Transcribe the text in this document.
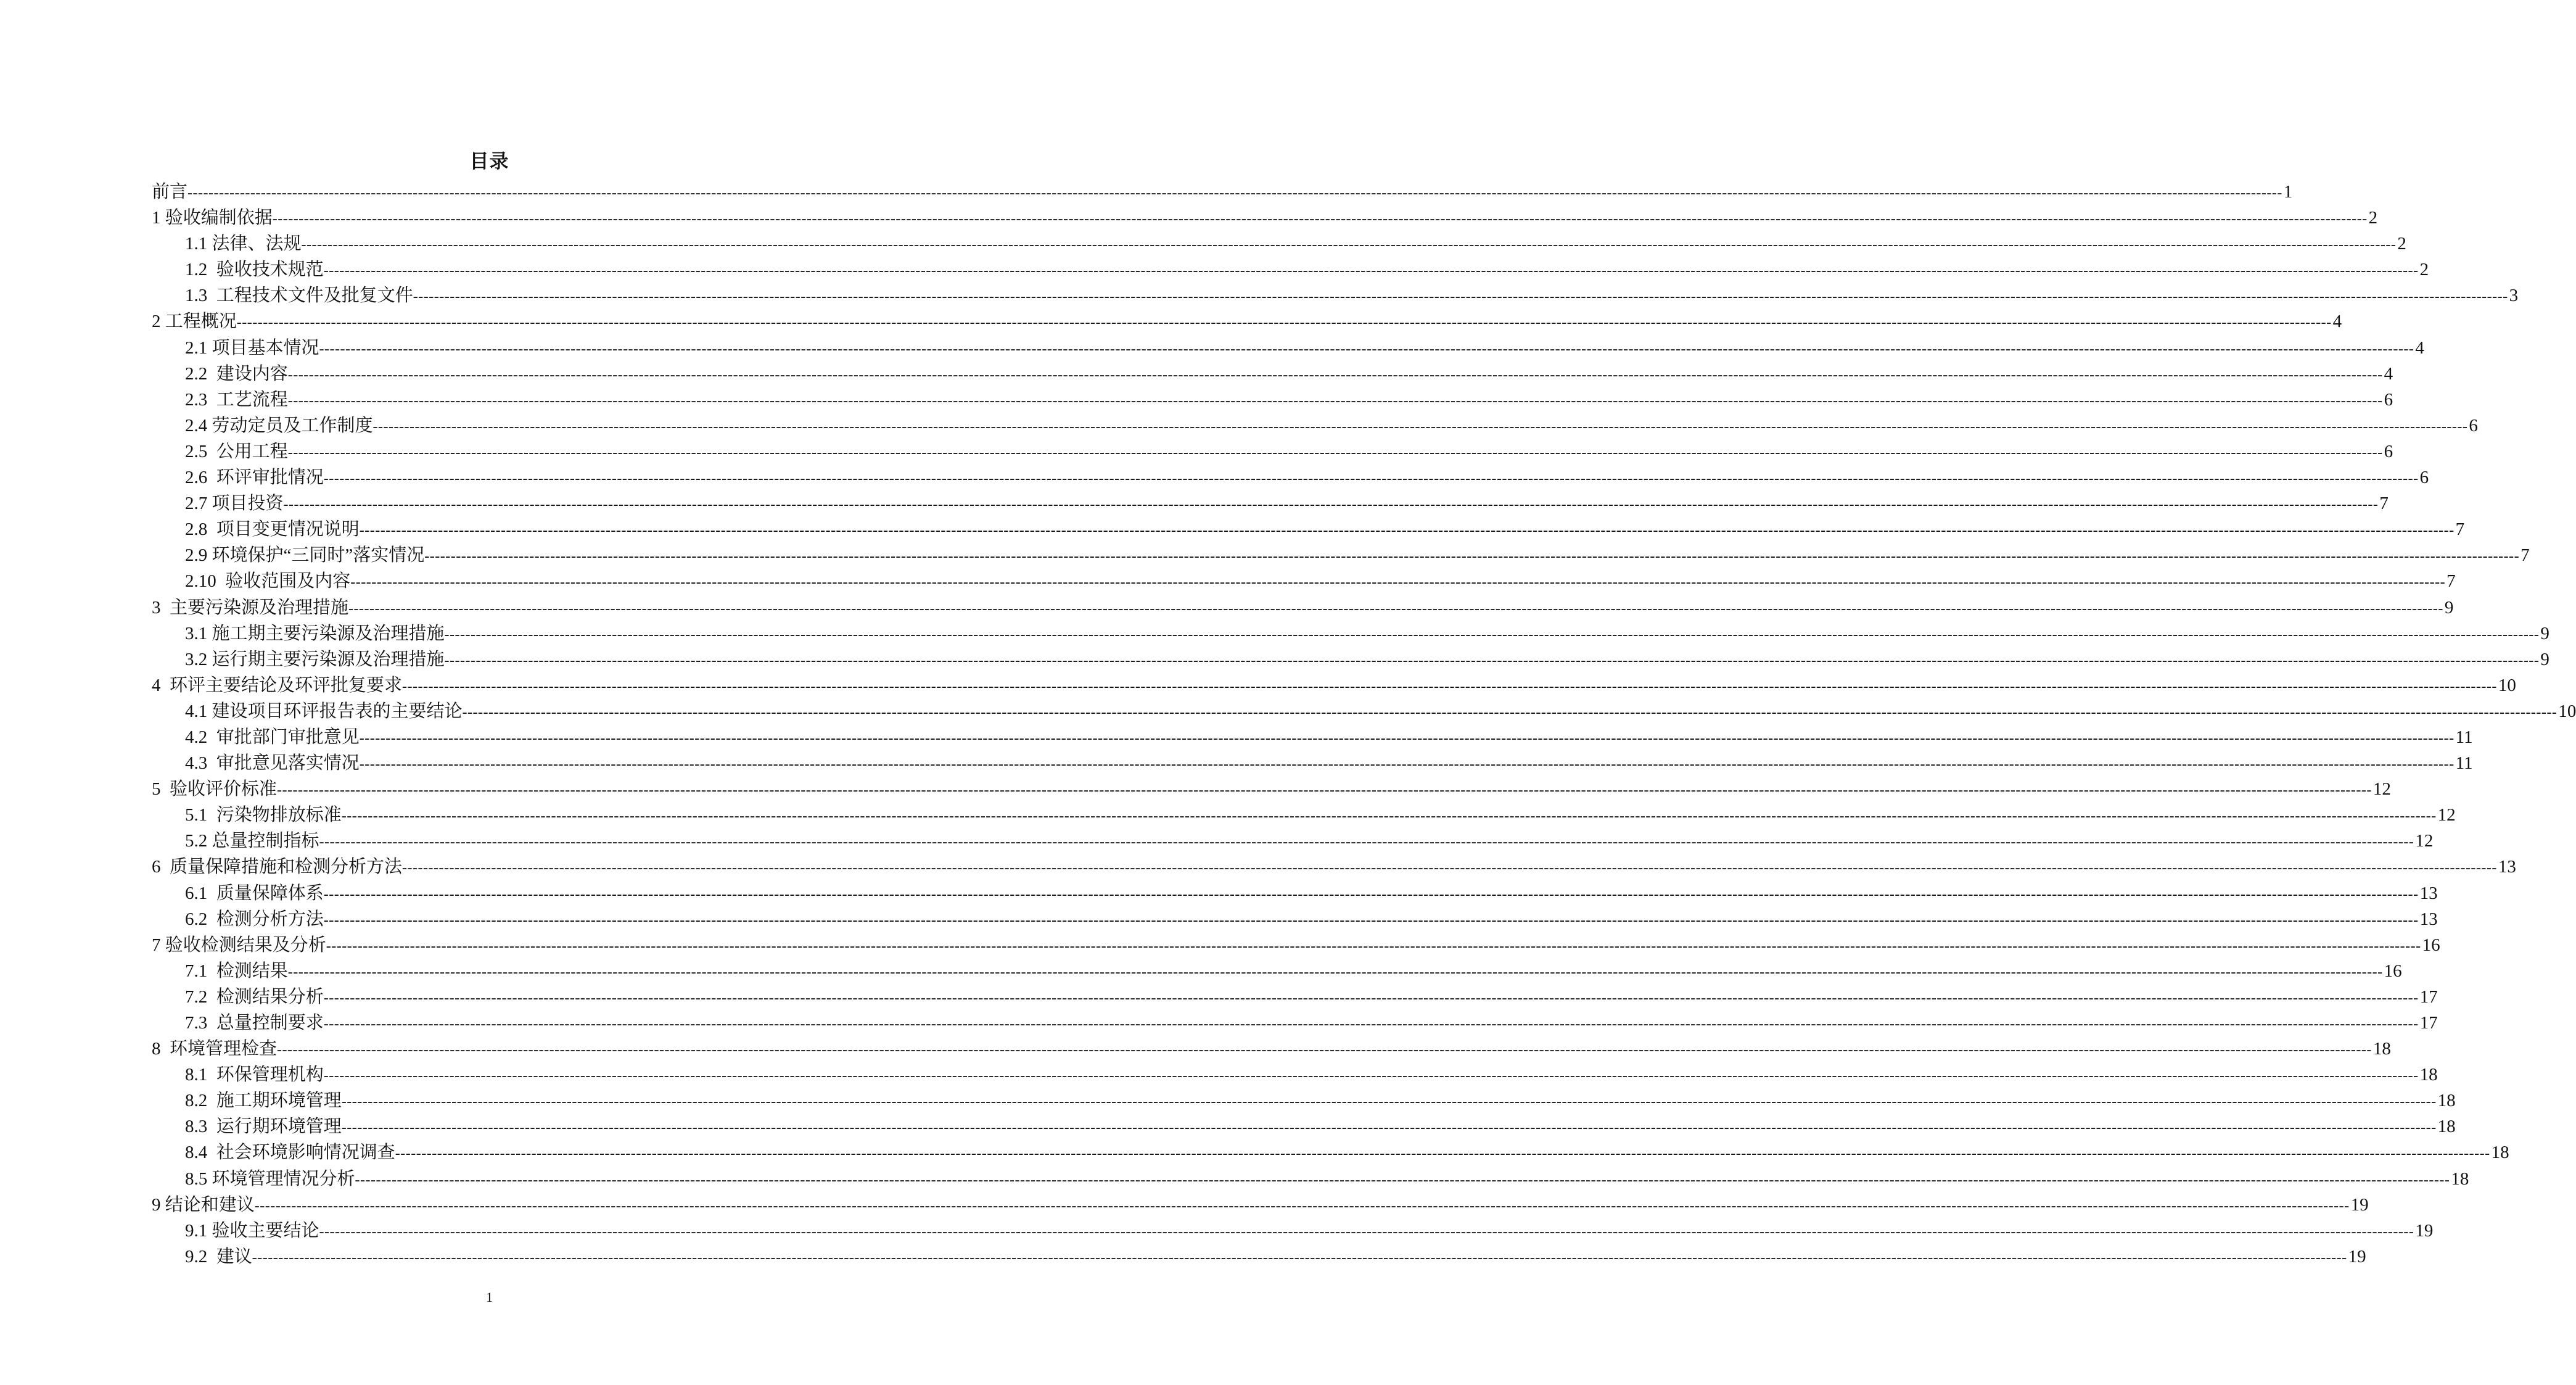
目录
前言 ---------------------------------------------------------------------------------------------------------------------------------------------------------------------------------------------------------------------------------------------------------------------------------------------------------------------------------------------------------------------------------------------------------------- 1
1 验收编制依据 ---------------------------------------------------------------------------------------------------------------------------------------------------------------------------------------------------------------------------------------------------------------------------------------------------------------------------------------------------------------------------------------------------------------- 2
1.1 法律、法规 ---------------------------------------------------------------------------------------------------------------------------------------------------------------------------------------------------------------------------------------------------------------------------------------------------------------------------------------------------------------------------------------------------------------- 2
1.2  验收技术规范 ---------------------------------------------------------------------------------------------------------------------------------------------------------------------------------------------------------------------------------------------------------------------------------------------------------------------------------------------------------------------------------------------------------------- 2
1.3  工程技术文件及批复文件 ---------------------------------------------------------------------------------------------------------------------------------------------------------------------------------------------------------------------------------------------------------------------------------------------------------------------------------------------------------------------------------------------------------------- 3
2 工程概况 ---------------------------------------------------------------------------------------------------------------------------------------------------------------------------------------------------------------------------------------------------------------------------------------------------------------------------------------------------------------------------------------------------------------- 4
2.1 项目基本情况 ---------------------------------------------------------------------------------------------------------------------------------------------------------------------------------------------------------------------------------------------------------------------------------------------------------------------------------------------------------------------------------------------------------------- 4
2.2  建设内容 ---------------------------------------------------------------------------------------------------------------------------------------------------------------------------------------------------------------------------------------------------------------------------------------------------------------------------------------------------------------------------------------------------------------- 4
2.3  工艺流程 ---------------------------------------------------------------------------------------------------------------------------------------------------------------------------------------------------------------------------------------------------------------------------------------------------------------------------------------------------------------------------------------------------------------- 6
2.4 劳动定员及工作制度 ---------------------------------------------------------------------------------------------------------------------------------------------------------------------------------------------------------------------------------------------------------------------------------------------------------------------------------------------------------------------------------------------------------------- 6
2.5  公用工程 ---------------------------------------------------------------------------------------------------------------------------------------------------------------------------------------------------------------------------------------------------------------------------------------------------------------------------------------------------------------------------------------------------------------- 6
2.6  环评审批情况 ---------------------------------------------------------------------------------------------------------------------------------------------------------------------------------------------------------------------------------------------------------------------------------------------------------------------------------------------------------------------------------------------------------------- 6
2.7 项目投资 ---------------------------------------------------------------------------------------------------------------------------------------------------------------------------------------------------------------------------------------------------------------------------------------------------------------------------------------------------------------------------------------------------------------- 7
2.8  项目变更情况说明 ---------------------------------------------------------------------------------------------------------------------------------------------------------------------------------------------------------------------------------------------------------------------------------------------------------------------------------------------------------------------------------------------------------------- 7
2.9 环境保护“三同时”落实情况 ---------------------------------------------------------------------------------------------------------------------------------------------------------------------------------------------------------------------------------------------------------------------------------------------------------------------------------------------------------------------------------------------------------------- 7
2.10  验收范围及内容 ---------------------------------------------------------------------------------------------------------------------------------------------------------------------------------------------------------------------------------------------------------------------------------------------------------------------------------------------------------------------------------------------------------------- 7
3  主要污染源及治理措施 ---------------------------------------------------------------------------------------------------------------------------------------------------------------------------------------------------------------------------------------------------------------------------------------------------------------------------------------------------------------------------------------------------------------- 9
3.1 施工期主要污染源及治理措施 ---------------------------------------------------------------------------------------------------------------------------------------------------------------------------------------------------------------------------------------------------------------------------------------------------------------------------------------------------------------------------------------------------------------- 9
3.2 运行期主要污染源及治理措施 ---------------------------------------------------------------------------------------------------------------------------------------------------------------------------------------------------------------------------------------------------------------------------------------------------------------------------------------------------------------------------------------------------------------- 9
4  环评主要结论及环评批复要求 ---------------------------------------------------------------------------------------------------------------------------------------------------------------------------------------------------------------------------------------------------------------------------------------------------------------------------------------------------------------------------------------------------------------- 10
4.1 建设项目环评报告表的主要结论 ---------------------------------------------------------------------------------------------------------------------------------------------------------------------------------------------------------------------------------------------------------------------------------------------------------------------------------------------------------------------------------------------------------------- 10
4.2  审批部门审批意见 ---------------------------------------------------------------------------------------------------------------------------------------------------------------------------------------------------------------------------------------------------------------------------------------------------------------------------------------------------------------------------------------------------------------- 11
4.3  审批意见落实情况 ---------------------------------------------------------------------------------------------------------------------------------------------------------------------------------------------------------------------------------------------------------------------------------------------------------------------------------------------------------------------------------------------------------------- 11
5  验收评价标准 ---------------------------------------------------------------------------------------------------------------------------------------------------------------------------------------------------------------------------------------------------------------------------------------------------------------------------------------------------------------------------------------------------------------- 12
5.1  污染物排放标准 ---------------------------------------------------------------------------------------------------------------------------------------------------------------------------------------------------------------------------------------------------------------------------------------------------------------------------------------------------------------------------------------------------------------- 12
5.2 总量控制指标 ---------------------------------------------------------------------------------------------------------------------------------------------------------------------------------------------------------------------------------------------------------------------------------------------------------------------------------------------------------------------------------------------------------------- 12
6  质量保障措施和检测分析方法 ---------------------------------------------------------------------------------------------------------------------------------------------------------------------------------------------------------------------------------------------------------------------------------------------------------------------------------------------------------------------------------------------------------------- 13
6.1  质量保障体系 ---------------------------------------------------------------------------------------------------------------------------------------------------------------------------------------------------------------------------------------------------------------------------------------------------------------------------------------------------------------------------------------------------------------- 13
6.2  检测分析方法 ---------------------------------------------------------------------------------------------------------------------------------------------------------------------------------------------------------------------------------------------------------------------------------------------------------------------------------------------------------------------------------------------------------------- 13
7 验收检测结果及分析 ---------------------------------------------------------------------------------------------------------------------------------------------------------------------------------------------------------------------------------------------------------------------------------------------------------------------------------------------------------------------------------------------------------------- 16
7.1  检测结果 ---------------------------------------------------------------------------------------------------------------------------------------------------------------------------------------------------------------------------------------------------------------------------------------------------------------------------------------------------------------------------------------------------------------- 16
7.2  检测结果分析 ---------------------------------------------------------------------------------------------------------------------------------------------------------------------------------------------------------------------------------------------------------------------------------------------------------------------------------------------------------------------------------------------------------------- 17
7.3  总量控制要求 ---------------------------------------------------------------------------------------------------------------------------------------------------------------------------------------------------------------------------------------------------------------------------------------------------------------------------------------------------------------------------------------------------------------- 17
8  环境管理检查 ---------------------------------------------------------------------------------------------------------------------------------------------------------------------------------------------------------------------------------------------------------------------------------------------------------------------------------------------------------------------------------------------------------------- 18
8.1  环保管理机构 ---------------------------------------------------------------------------------------------------------------------------------------------------------------------------------------------------------------------------------------------------------------------------------------------------------------------------------------------------------------------------------------------------------------- 18
8.2  施工期环境管理 ---------------------------------------------------------------------------------------------------------------------------------------------------------------------------------------------------------------------------------------------------------------------------------------------------------------------------------------------------------------------------------------------------------------- 18
8.3  运行期环境管理 ---------------------------------------------------------------------------------------------------------------------------------------------------------------------------------------------------------------------------------------------------------------------------------------------------------------------------------------------------------------------------------------------------------------- 18
8.4  社会环境影响情况调查 ---------------------------------------------------------------------------------------------------------------------------------------------------------------------------------------------------------------------------------------------------------------------------------------------------------------------------------------------------------------------------------------------------------------- 18
8.5 环境管理情况分析 ---------------------------------------------------------------------------------------------------------------------------------------------------------------------------------------------------------------------------------------------------------------------------------------------------------------------------------------------------------------------------------------------------------------- 18
9 结论和建议 ---------------------------------------------------------------------------------------------------------------------------------------------------------------------------------------------------------------------------------------------------------------------------------------------------------------------------------------------------------------------------------------------------------------- 19
9.1 验收主要结论 ---------------------------------------------------------------------------------------------------------------------------------------------------------------------------------------------------------------------------------------------------------------------------------------------------------------------------------------------------------------------------------------------------------------- 19
9.2  建议 ---------------------------------------------------------------------------------------------------------------------------------------------------------------------------------------------------------------------------------------------------------------------------------------------------------------------------------------------------------------------------------------------------------------- 19
1
